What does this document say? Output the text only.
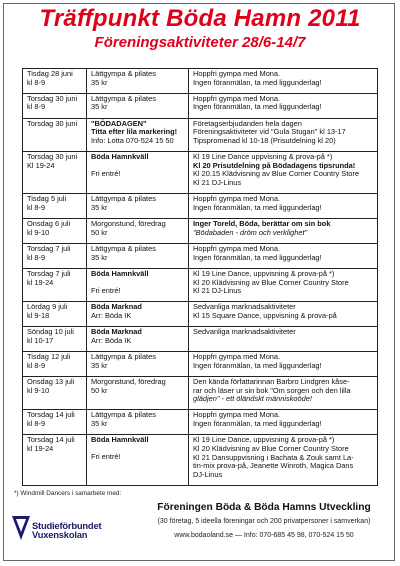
Träffpunkt Böda Hamn 2011
Föreningsaktiviteter 28/6-14/7
Tisdag 28 juni
kl 8-9
Lättgympa & pilates
35 kr
Hoppfri gympa med Mona.
Ingen föranmälan, ta med liggunderlag!
Torsdag 30 juni
kl 8-9
Lättgympa & pilates
35 kr
Hoppfri gympa med Mona.
Ingen föranmälan, ta med liggunderlag!
Torsdag 30 juni	"BÖDADAGEN"
Titta efter lila markering!
Info: Lotta 070-524 15 50
Företagserbjudanden hela dagen
Föreningsaktiviteter vid "Gula Stugan" kl 13-17
Tipspromenad kl 10-18 (Prisutdelning kl 20)
Torsdag 30 juni
Kl 19-24
Böda Hamnkväll
Fri entré!
Kl 19 Line Dance uppvisning & prova-på *)
Kl 20 Prisutdelning på Bödadagens tipsrunda!
Kl 20.15 Klädvisning av Blue Corner Country Store
Kl 21 DJ-Linus
Tisdag 5 juli
kl 8-9
Lättgympa & pilates
35 kr
Hoppfri gympa med Mona.
Ingen föranmälan, ta med liggunderlag!
Onsdag 6 juli
kl 9-10
Morgonstund, föredrag
50 kr
Inger Toreld, Böda, berättar om sin bok
"Bödabaden - dröm och verklighet"
Torsdag 7 juli
kl 8-9
Lättgympa & pilates
35 kr
Hoppfri gympa med Mona.
Ingen föranmälan, ta med liggunderlag!
Torsdag 7 juli
kl 19-24
Böda Hamnkväll
Fri entré!
Kl 19 Line Dance, uppvisning & prova-på *)
Kl 20 Klädvisning av Blue Corner Country Store
Kl 21 DJ-Linus
Lördag 9 juli
kl 9-18
Böda Marknad
Arr: Böda IK
Sedvanliga marknadsaktiviteter
Kl 15 Square Dance, uppvisning & prova-på
Söndag 10 juli
kl 10-17
Böda Marknad
Arr: Böda IK
Sedvanliga marknadsaktiviteter
Tisdag 12 juli
kl 8-9
Lättgympa & pilates
35 kr
Hoppfri gympa med Mona.
Ingen föranmälan, ta med liggunderlag!
Onsdag 13 juli
kl 9-10
Morgonstund, föredrag
50 kr
Den kända författarinnan Barbro Lindgren kåse-
rar och läser ur sin bok "Om sorgen och den lilla
glädjen" - ett öländskt människoöde!
Torsdag 14 juli
kl 8-9
Lättgympa & pilates
35 kr
Hoppfri gympa med Mona.
Ingen föranmälan, ta med liggunderlag!
Torsdag 14 juli
kl 19-24
Böda Hamnkväll
Fri entré!
Kl 19 Line Dance, uppvisning & prova-på *)
Kl 20 Klädvisning av Blue Corner Country Store
Kl 21 Dansuppvisning i Bachata & Zouk samt La-
tin-mix prova-på, Jeanette Winroth, Magica Dans
DJ-Linus
*) Windmill Dancers i samarbete med:
Studieförbundet
Vuxenskolan
Föreningen Böda & Böda Hamns Utveckling
(30 företag, 5 ideella föreningar och 200 privatpersoner i samverkan)
www.bodaoland.se — Info: 070-685 45 98, 070-524 15 50
